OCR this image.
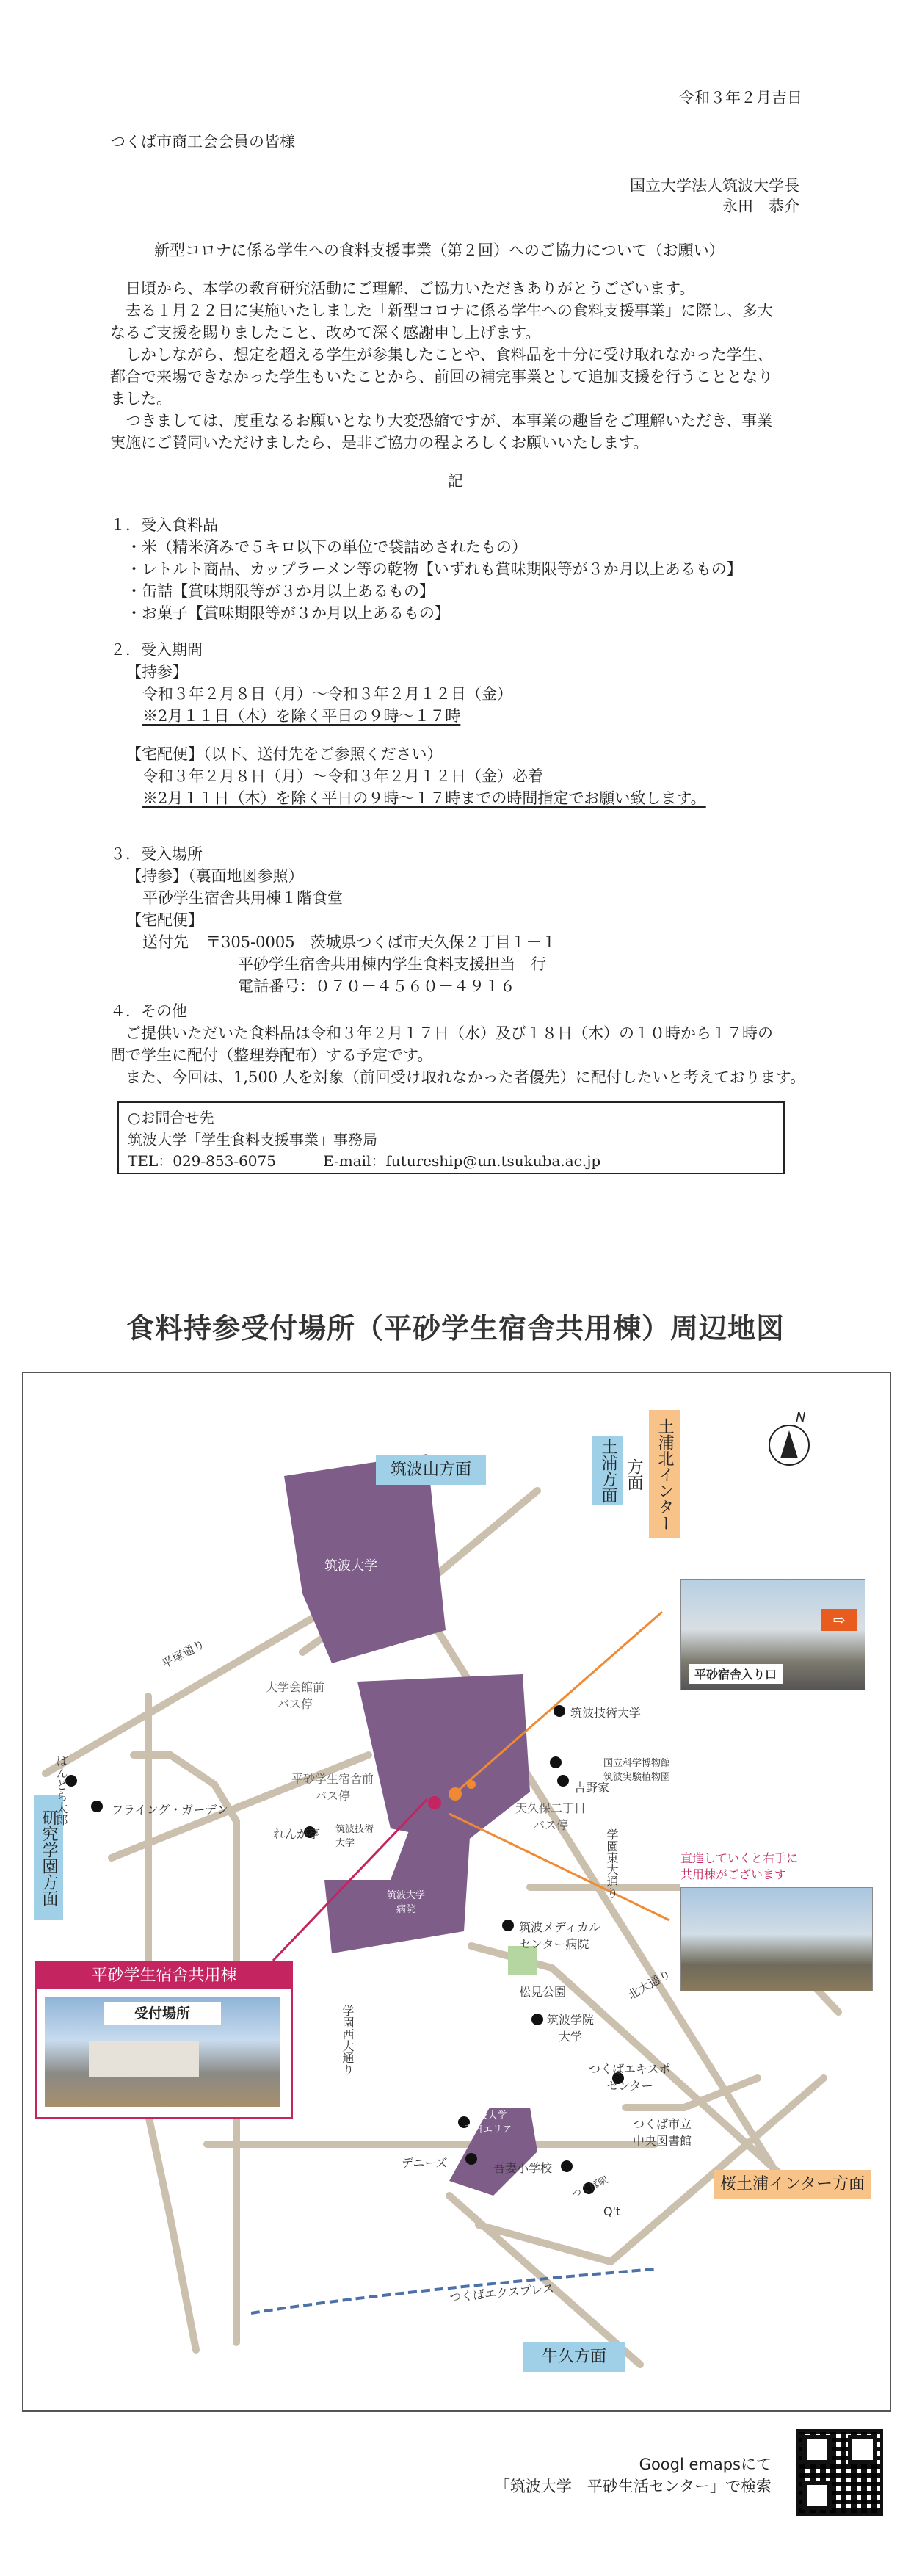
令和３年２月吉日
つくば市商工会会員の皆様
国立大学法人筑波大学長
永田　恭介
新型コロナに係る学生への食料支援事業（第２回）へのご協力について（お願い）
　日頃から、本学の教育研究活動にご理解、ご協力いただきありがとうございます。
　去る１月２２日に実施いたしました「新型コロナに係る学生への食料支援事業」に際し、多大
なるご支援を賜りましたこと、改めて深く感謝申し上げます。
　しかしながら、想定を超える学生が参集したことや、食料品を十分に受け取れなかった学生、
都合で来場できなかった学生もいたことから、前回の補完事業として追加支援を行うこととなり
ました。
　つきましては、度重なるお願いとなり大変恐縮ですが、本事業の趣旨をご理解いただき、事業
実施にご賛同いただけましたら、是非ご協力の程よろしくお願いいたします。
記
１．受入食料品
・米（精米済みで５キロ以下の単位で袋詰めされたもの）
・レトルト商品、カップラーメン等の乾物【いずれも賞味期限等が３か月以上あるもの】
・缶詰【賞味期限等が３か月以上あるもの】
・お菓子【賞味期限等が３か月以上あるもの】
２．受入期間
【持参】
令和３年２月８日（月）～令和３年２月１２日（金）
※2月１１日（木）を除く平日の９時～１７時
【宅配便】（以下、送付先をご参照ください）
令和３年２月８日（月）～令和３年２月１２日（金）必着
※2月１１日（木）を除く平日の９時～１７時までの時間指定でお願い致します。
３．受入場所
【持参】（裏面地図参照）
平砂学生宿舎共用棟１階食堂
【宅配便】
送付先 〒305-0005　茨城県つくば市天久保２丁目１－１
平砂学生宿舎共用棟内学生食料支援担当　行
電話番号：０７０－４５６０－４９１６
４．その他
　ご提供いただいた食料品は令和３年２月１７日（水）及び１８日（木）の１０時から１７時の
間で学生に配付（整理券配布）する予定です。
　また、今回は、1,500 人を対象（前回受け取れなかった者優先）に配付したいと考えております。
○お問合せ先
筑波大学「学生食料支援事業」事務局
TEL：029-853-6075	E-mail：futureship@un.tsukuba.ac.jp
食料持参受付場所（平砂学生宿舎共用棟）周辺地図
N
筑波山方面	土浦方面	土浦北インター方面
研究学園方面
桜土浦インター方面
牛久方面
筑波大学
平塚通り
大学会館前
バス停
筑波技術大学
ぱんどら太郎	フライング・ガーデン
国立科学博物館
筑波実験植物園
吉野家
平砂学生宿舎前
バス停
天久保二丁目
バス停
れんが亭 筑波技術
大学
筑波大学
病院
学園東大通り
学園西大通り
北大通り
筑波メディカル
センター病院
松見公園
筑波学院
大学
つくばエキスポ
センター
筑波大学
春日エリア	つくば市立
中央図書館
デニーズ	吾妻小学校
つくば駅
Q't
つくばエクスプレス
平砂学生宿舎共用棟
受付場所
⇨
平砂宿舎入り口
直進していくと右手に
共用棟がございます
Googl emapsにて
「筑波大学　平砂生活センター」で検索
